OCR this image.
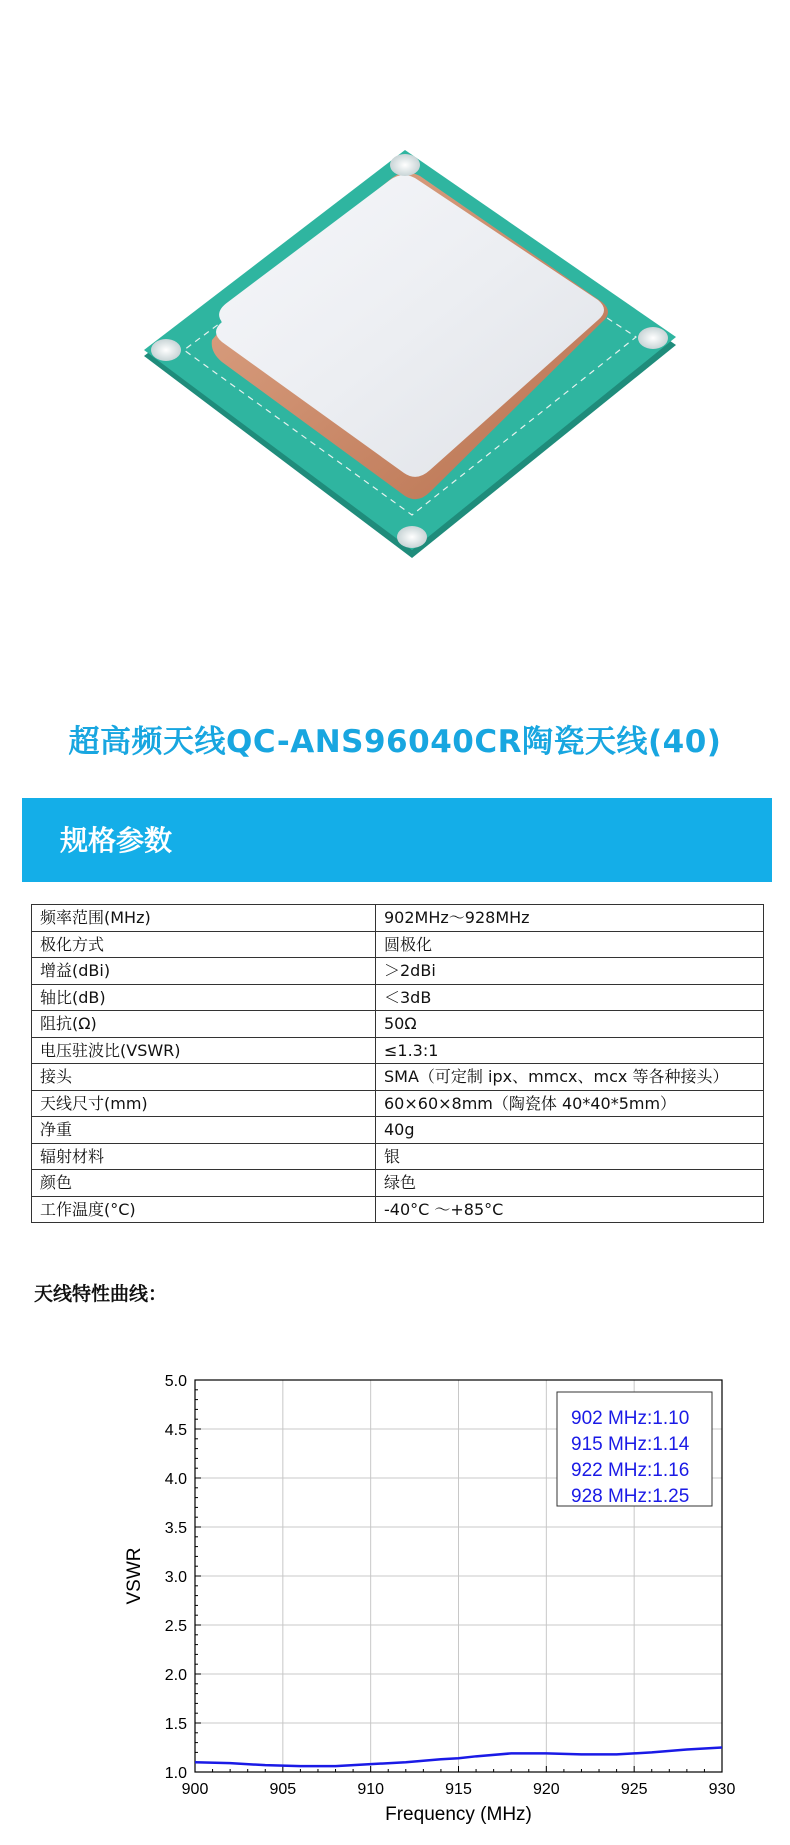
超高频天线QC-ANS96040CR陶瓷天线(40)
规格参数
频率范围(MHz)	902MHz～928MHz
极化方式	圆极化
增益(dBi)	＞2dBi
轴比(dB)	＜3dB
阻抗(Ω)	50Ω
电压驻波比(VSWR)	≤1.3:1
接头	SMA（可定制 ipx、mmcx、mcx 等各种接头）
天线尺寸(mm)	60×60×8mm（陶瓷体 40*40*5mm）
净重	40g
辐射材料	银
颜色	绿色
工作温度(°C)	-40°C ～+85°C
天线特性曲线：
900	905	910	915	920	925	930
1.0
1.5
2.0
2.5
3.0
3.5
4.0
4.5
5.0
Frequency (MHz)
VSWR
902 MHz:1.10
915 MHz:1.14
922 MHz:1.16
928 MHz:1.25
